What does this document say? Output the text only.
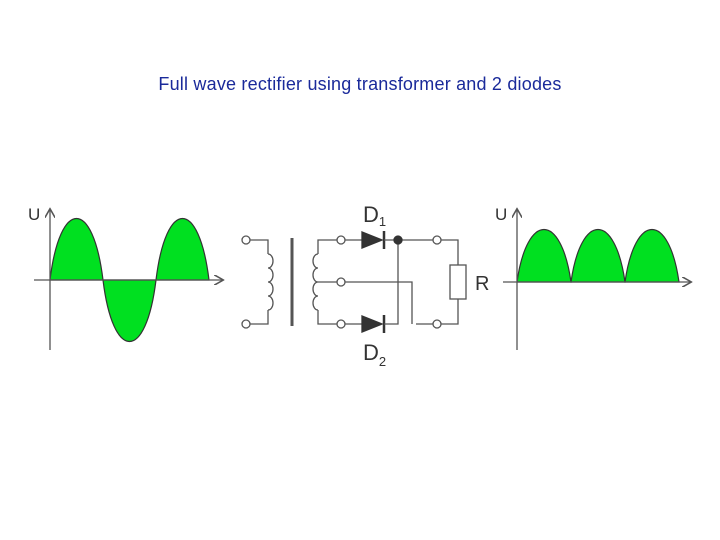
Full wave rectifier using transformer and 2 diodes
U	D1
$D_2$
R
U
